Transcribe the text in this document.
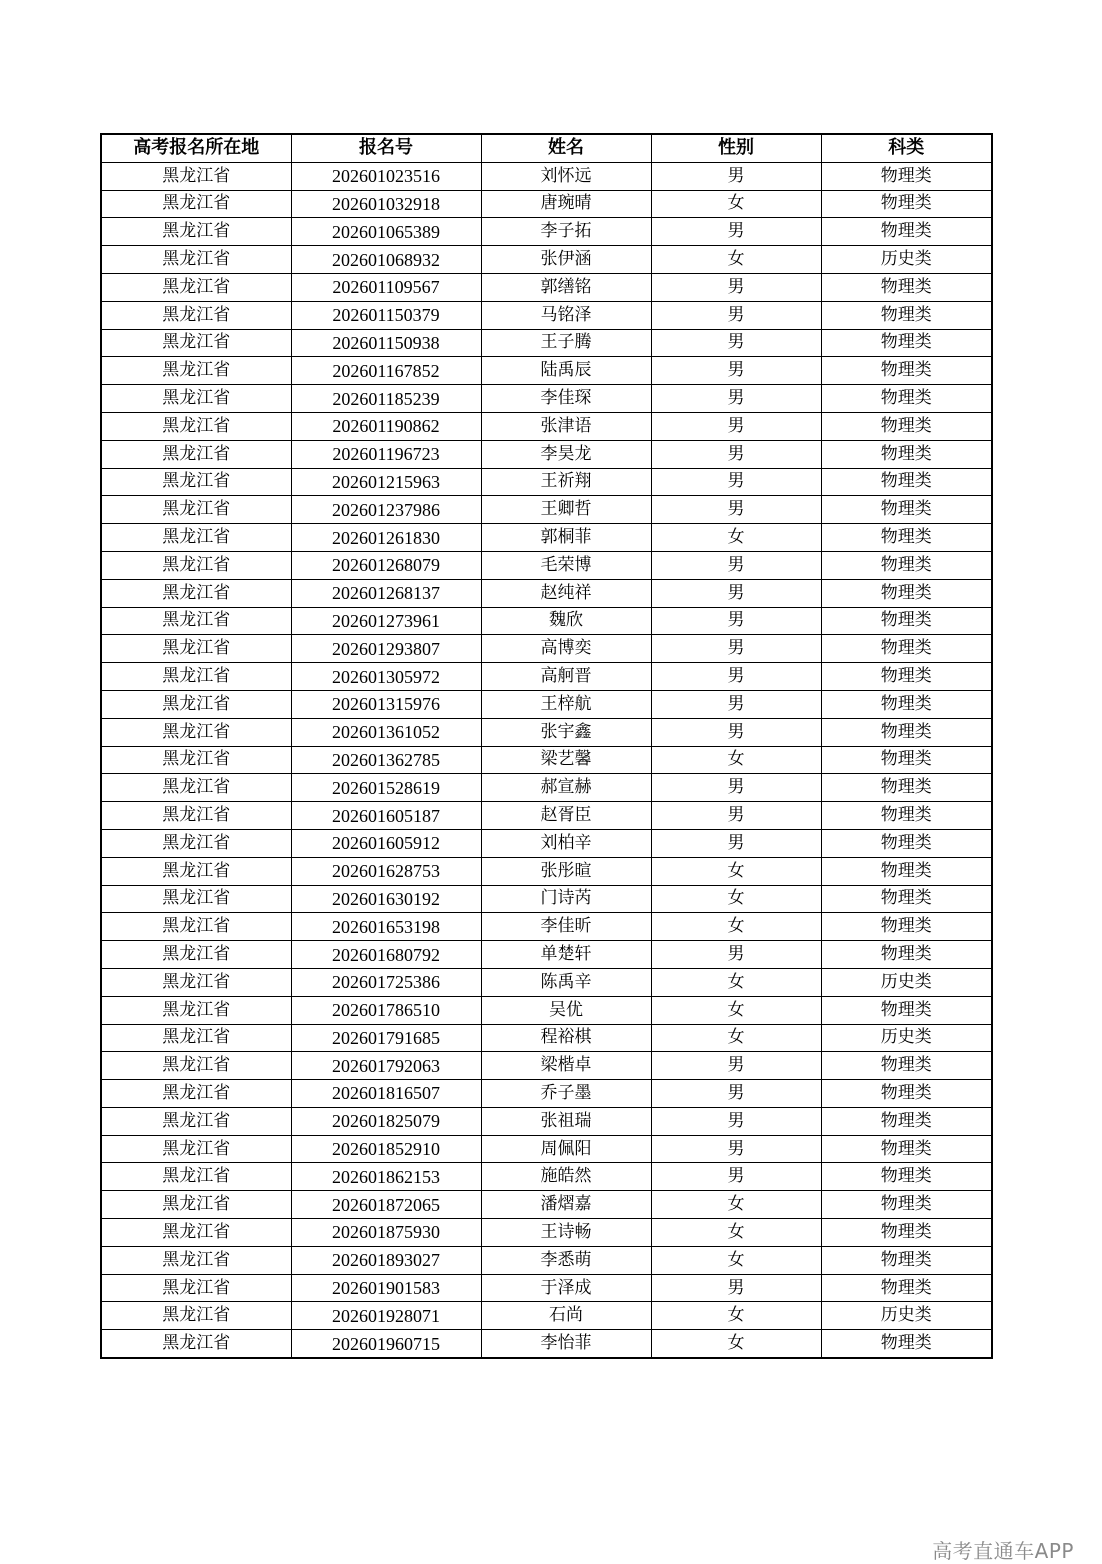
高考报名所在地	报名号	姓名	性别	科类
黑龙江省	202601023516	刘怀远	男	物理类
黑龙江省	202601032918	唐琬晴	女	物理类
黑龙江省	202601065389	李子拓	男	物理类
黑龙江省	202601068932	张伊涵	女	历史类
黑龙江省	202601109567	郭缮铭	男	物理类
黑龙江省	202601150379	马铭泽	男	物理类
黑龙江省	202601150938	王子腾	男	物理类
黑龙江省	202601167852	陆禹辰	男	物理类
黑龙江省	202601185239	李佳琛	男	物理类
黑龙江省	202601190862	张津语	男	物理类
黑龙江省	202601196723	李昊龙	男	物理类
黑龙江省	202601215963	王祈翔	男	物理类
黑龙江省	202601237986	王卿哲	男	物理类
黑龙江省	202601261830	郭桐菲	女	物理类
黑龙江省	202601268079	毛荣博	男	物理类
黑龙江省	202601268137	赵纯祥	男	物理类
黑龙江省	202601273961	魏欣	男	物理类
黑龙江省	202601293807	高博奕	男	物理类
黑龙江省	202601305972	高舸晋	男	物理类
黑龙江省	202601315976	王梓航	男	物理类
黑龙江省	202601361052	张宇鑫	男	物理类
黑龙江省	202601362785	梁艺馨	女	物理类
黑龙江省	202601528619	郝宣赫	男	物理类
黑龙江省	202601605187	赵胥臣	男	物理类
黑龙江省	202601605912	刘柏辛	男	物理类
黑龙江省	202601628753	张彤暄	女	物理类
黑龙江省	202601630192	门诗芮	女	物理类
黑龙江省	202601653198	李佳昕	女	物理类
黑龙江省	202601680792	单楚轩	男	物理类
黑龙江省	202601725386	陈禹辛	女	历史类
黑龙江省	202601786510	吴优	女	物理类
黑龙江省	202601791685	程裕棋	女	历史类
黑龙江省	202601792063	梁楷卓	男	物理类
黑龙江省	202601816507	乔子墨	男	物理类
黑龙江省	202601825079	张祖瑞	男	物理类
黑龙江省	202601852910	周佩阳	男	物理类
黑龙江省	202601862153	施皓然	男	物理类
黑龙江省	202601872065	潘熠嘉	女	物理类
黑龙江省	202601875930	王诗畅	女	物理类
黑龙江省	202601893027	李悉萌	女	物理类
黑龙江省	202601901583	于泽成	男	物理类
黑龙江省	202601928071	石尚	女	历史类
黑龙江省	202601960715	李怡菲	女	物理类
高考直通车APP
